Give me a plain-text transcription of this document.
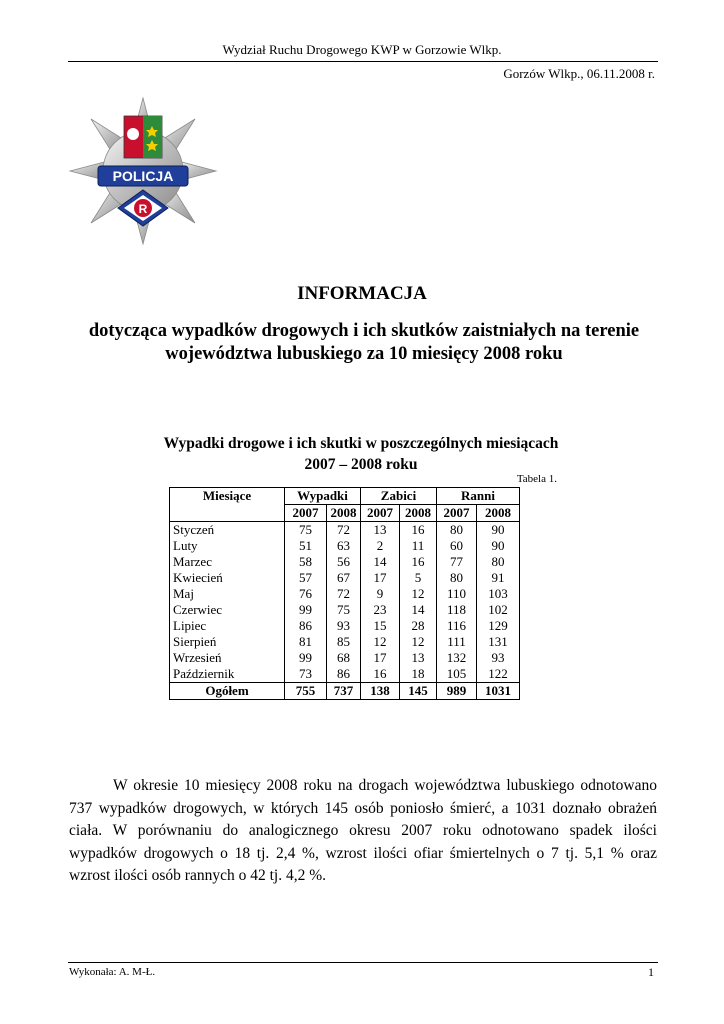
Wydział Ruchu Drogowego KWP w Gorzowie Wlkp.
Gorzów Wlkp., 06.11.2008 r.
POLICJA
R
INFORMACJA
dotycząca wypadków drogowych i ich skutków zaistniałych na terenie
województwa lubuskiego za 10 miesięcy 2008 roku
Wypadki drogowe i ich skutki w poszczególnych miesiącach
2007 – 2008 roku
Tabela 1.
Miesiące	Wypadki		Zabici		Ranni	
	2007	2008	2007	2008	2007	2008
Styczeń	75	72	13	16	80	90
Luty	51	63	2	11	60	90
Marzec	58	56	14	16	77	80
Kwiecień	57	67	17	5	80	91
Maj	76	72	9	12	110	103
Czerwiec	99	75	23	14	118	102
Lipiec	86	93	15	28	116	129
Sierpień	81	85	12	12	111	131
Wrzesień	99	68	17	13	132	93
Październik	73	86	16	18	105	122
Ogółem	755	737	138	145	989	1031
W okresie 10 miesięcy 2008 roku na drogach województwa lubuskiego odnotowano 737 wypadków drogowych, w których 145 osób poniosło śmierć, a 1031 doznało obrażeń ciała. W porównaniu do analogicznego okresu 2007 roku odnotowano spadek ilości wypadków drogowych o 18 tj. 2,4 %, wzrost ilości ofiar śmiertelnych o 7 tj. 5,1 % oraz wzrost ilości osób rannych o 42 tj. 4,2 %.
Wykonała: A. M-Ł.	1
